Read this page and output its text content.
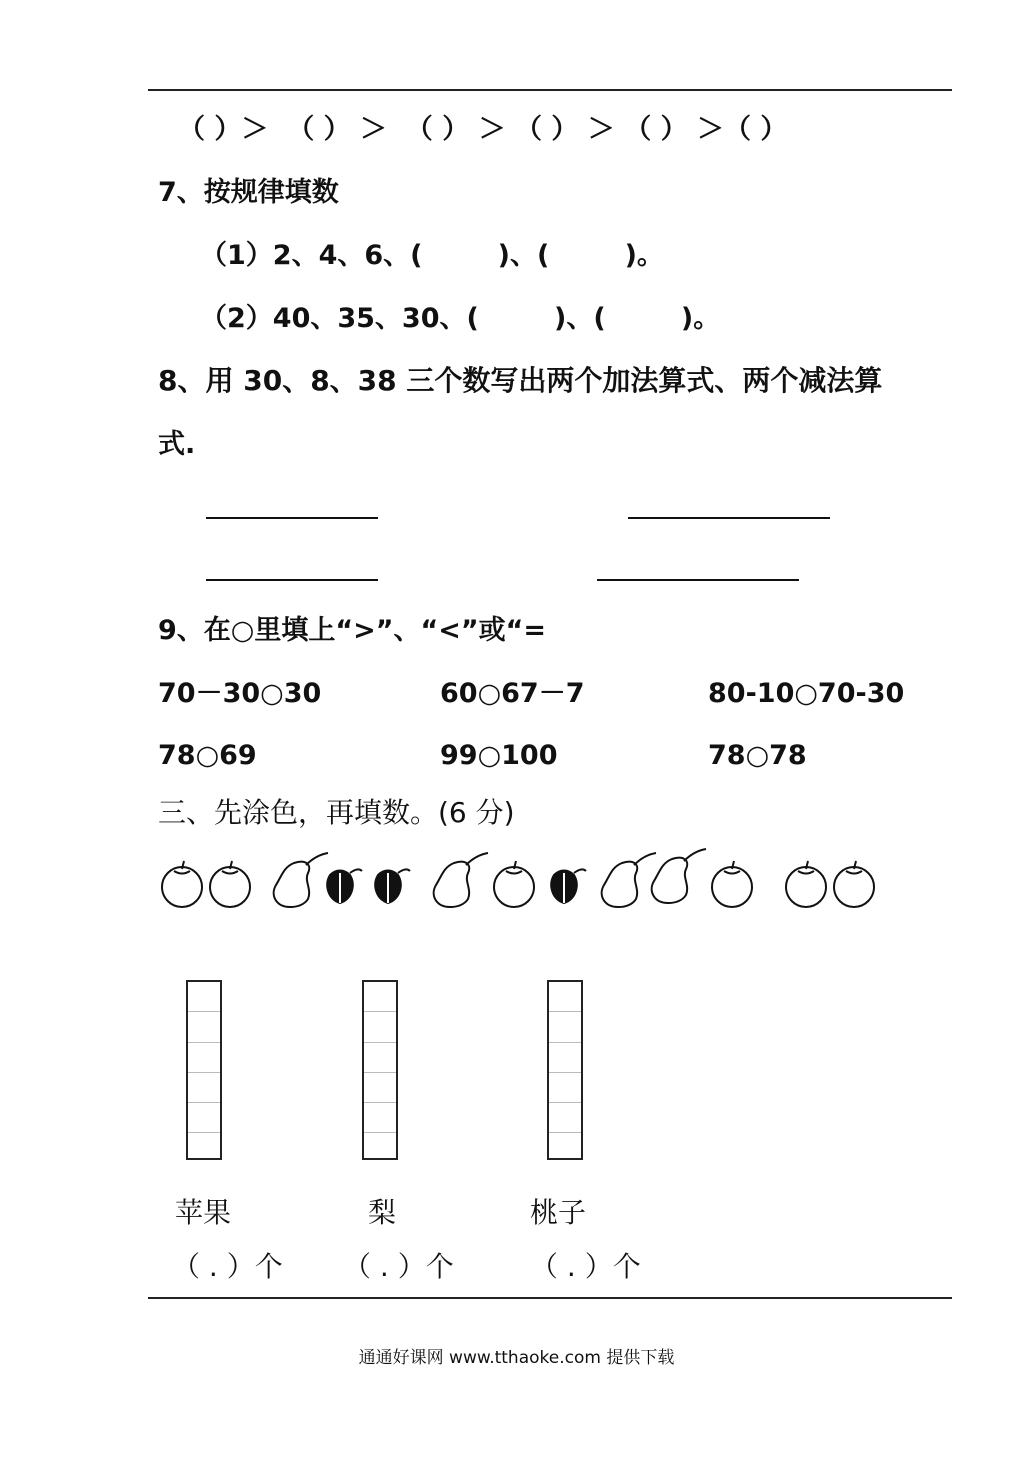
（ ）＞  （ ） ＞  （ ） ＞ （ ） ＞ （ ） ＞（ ）
7、按规律填数
（1）2、4、6、(        )、(        )。
（2）40、35、30、(        )、(        )。
8、用 30、8、38 三个数写出两个加法算式、两个减法算
式.
9、在○里填上“>”、“<”或“=
70－30○30	60○67－7	80-10○70-30
78○69	99○100	78○78
三、先涂色，再填数。(6 分)
苹果	梨	桃子
（ . ）个 （ . ）个	（ . ）个
通通好课网 www.tthaoke.com 提供下载
